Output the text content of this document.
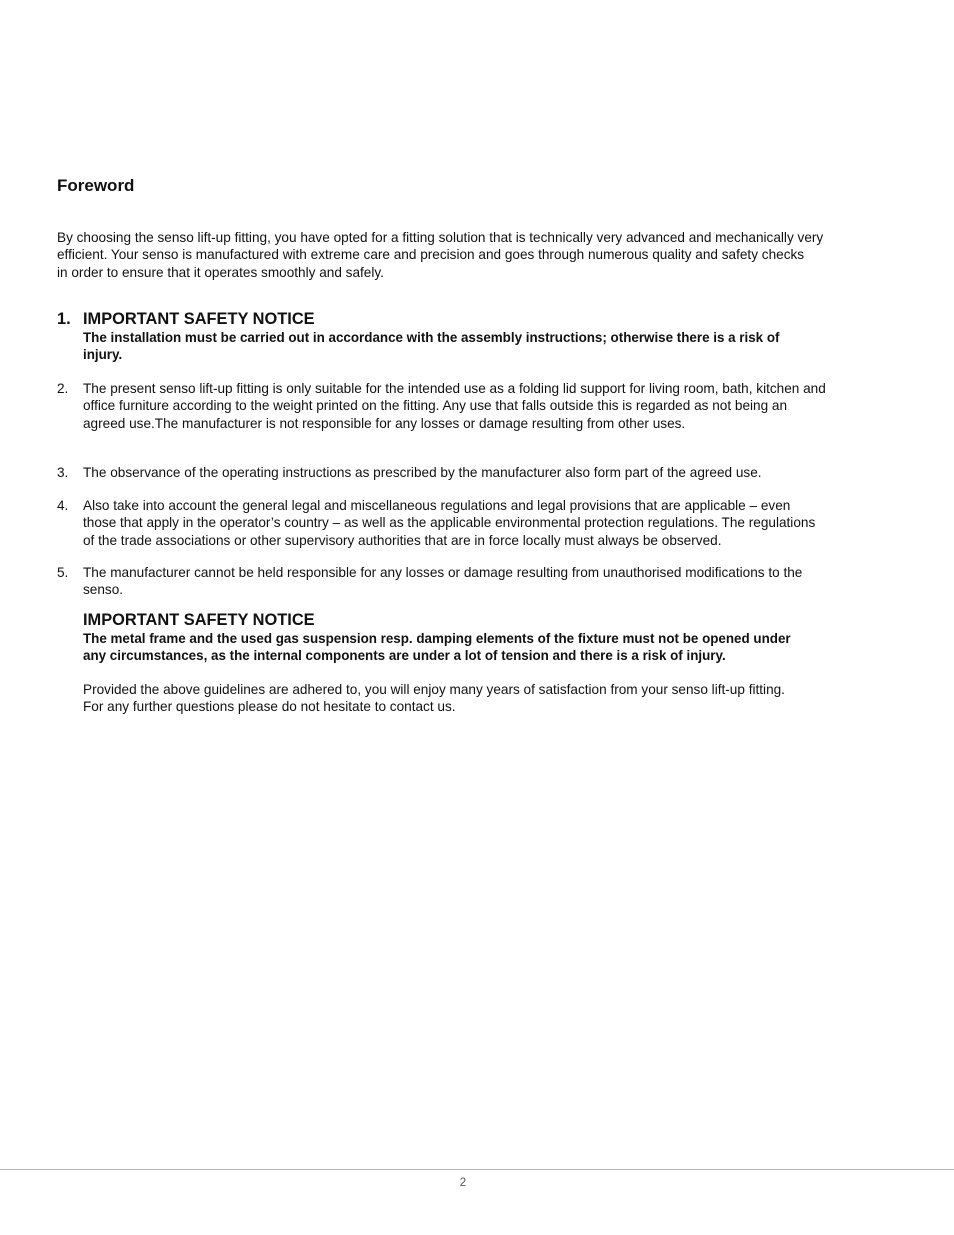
Foreword
By choosing the senso lift-up fitting, you have opted for a fitting solution that is technically very advanced and mechanically very
efficient. Your senso is manufactured with extreme care and precision and goes through numerous quality and safety checks
in order to ensure that it operates smoothly and safely.
1. IMPORTANT SAFETY NOTICE
The installation must be carried out in accordance with the assembly instructions; otherwise there is a risk of
injury.
2. The present senso lift-up fitting is only suitable for the intended use as a folding lid support for living room, bath, kitchen and
office furniture according to the weight printed on the fitting. Any use that falls outside this is regarded as not being an
agreed use.The manufacturer is not responsible for any losses or damage resulting from other uses.
3. The observance of the operating instructions as prescribed by the manufacturer also form part of the agreed use.
4. Also take into account the general legal and miscellaneous regulations and legal provisions that are applicable – even
those that apply in the operator’s country – as well as the applicable environmental protection regulations. The regulations
of the trade associations or other supervisory authorities that are in force locally must always be observed.
5. The manufacturer cannot be held responsible for any losses or damage resulting from unauthorised modifications to the
senso.
IMPORTANT SAFETY NOTICE
The metal frame and the used gas suspension resp. damping elements of the fixture must not be opened under
any circumstances, as the internal components are under a lot of tension and there is a risk of injury.
Provided the above guidelines are adhered to, you will enjoy many years of satisfaction from your senso lift-up fitting.
For any further questions please do not hesitate to contact us.
2
